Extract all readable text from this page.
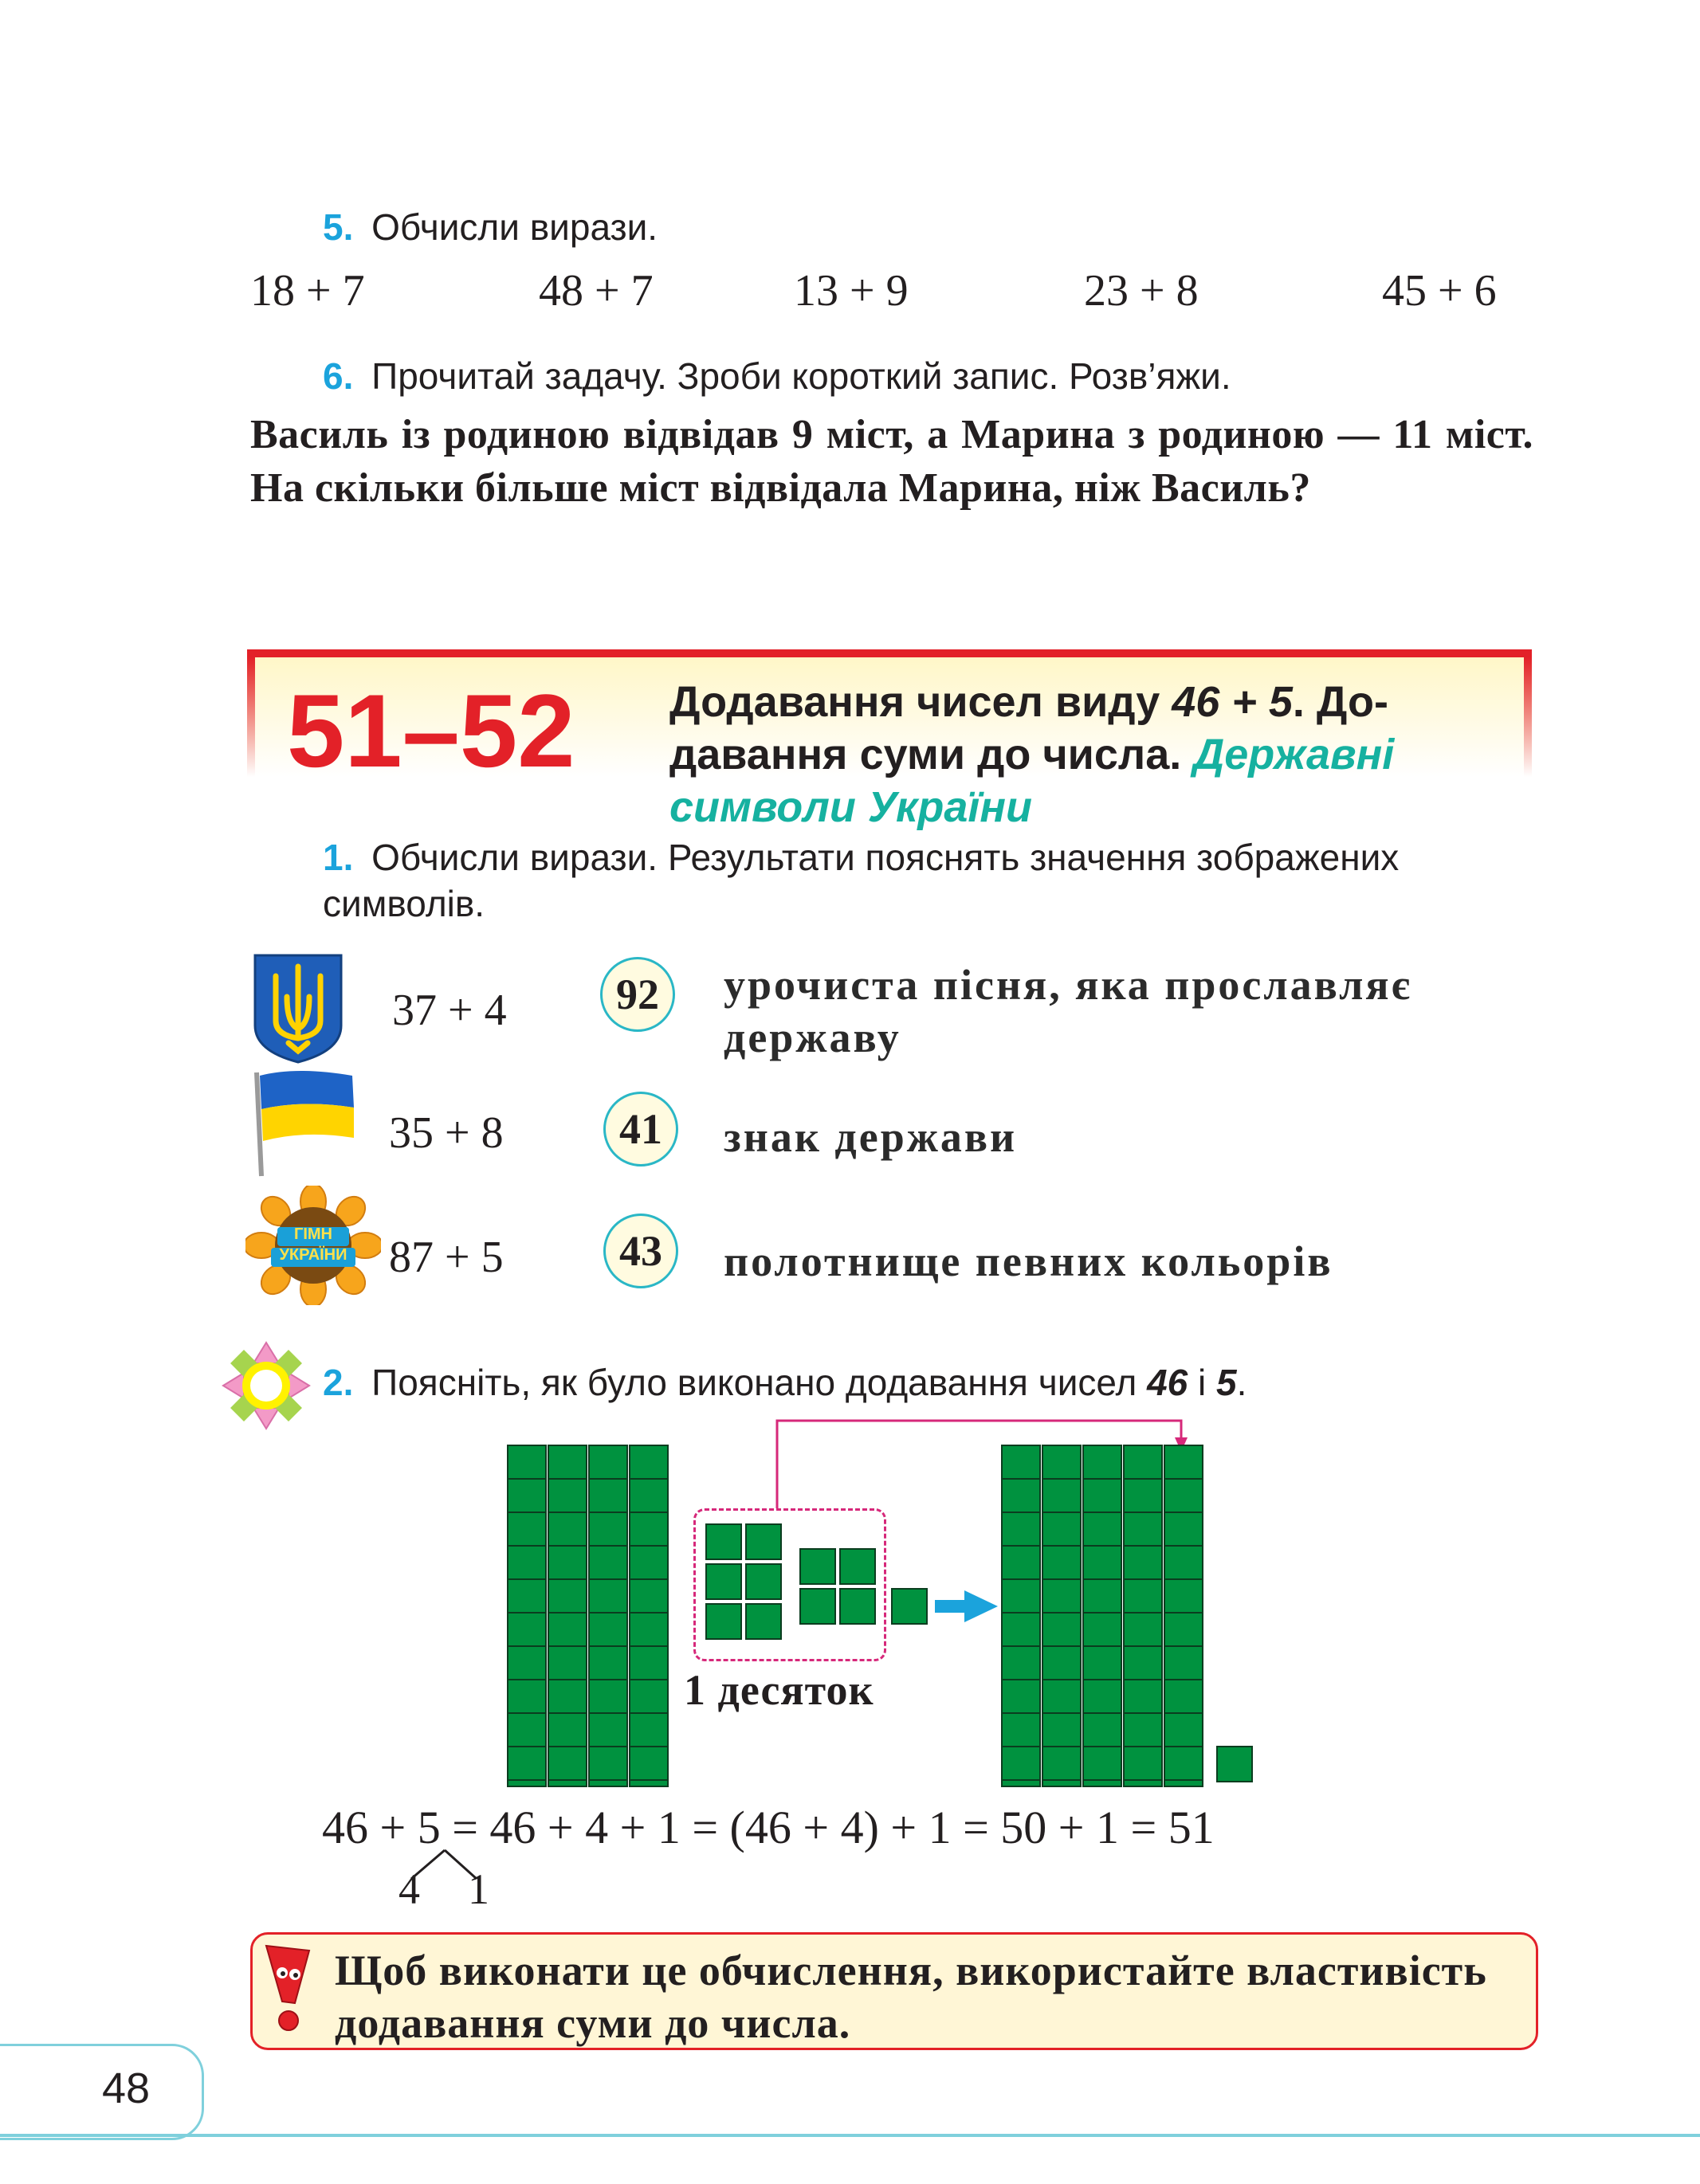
5. Обчисли вирази.
18 + 7	48 + 7	13 + 9	23 + 8	45 + 6
6. Прочитай задачу. Зроби короткий запис. Розв’яжи.
Василь із родиною відвідав 9 міст, а Марина з родиною — 11 міст. На скільки більше міст відвідала Марина, ніж Василь?
51–52 Додавання чисел виду 46 + 5. Додавання суми до числа. Державні символи України
1. Обчисли вирази. Результати пояснять значення зображених символів.
37 + 4	92	урочиста пісня, яка прославляє державу
35 + 8	41	знак держави
ГІМН
УКРАЇНИ 87 + 5	43	полотнище певних кольорів
2. Поясніть, як було виконано додавання чисел 46 і 5.
1 десяток
46 + 5 = 46 + 4 + 1 = (46 + 4) + 1 = 50 + 1 = 51
4 1
Щоб виконати це обчислення, використайте властивість додавання суми до числа.
48
